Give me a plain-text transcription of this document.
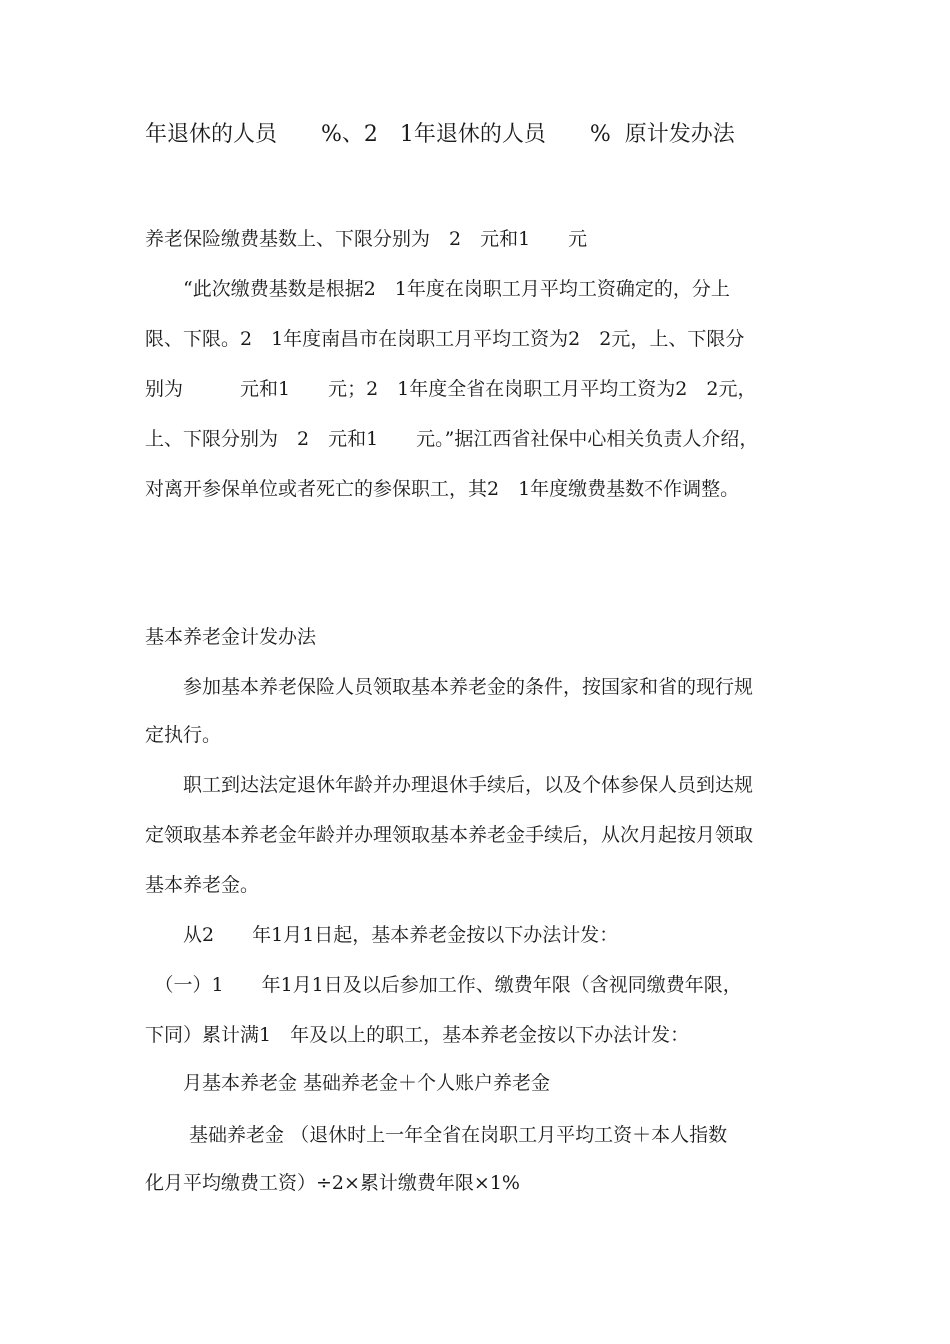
年退休的人员　　%、2　1年退休的人员　　%  原计发办法
养老保险缴费基数上、下限分别为　2　元和1　　元
　　“此次缴费基数是根据2　1年度在岗职工月平均工资确定的，分上
限、下限。2　1年度南昌市在岗职工月平均工资为2　2元，上、下限分
别为　　　元和1　　元；2　1年度全省在岗职工月平均工资为2　2元，
上、下限分别为　2　元和1　　元。”据江西省社保中心相关负责人介绍，
对离开参保单位或者死亡的参保职工，其2　1年度缴费基数不作调整。
基本养老金计发办法
　　参加基本养老保险人员领取基本养老金的条件，按国家和省的现行规
定执行。
　　职工到达法定退休年龄并办理退休手续后，以及个体参保人员到达规
定领取基本养老金年龄并办理领取基本养老金手续后，从次月起按月领取
基本养老金。
　　从2　　年1月1日起，基本养老金按以下办法计发：
　（一）1　　年1月1日及以后参加工作、缴费年限（含视同缴费年限，
下同）累计满1　年及以上的职工，基本养老金按以下办法计发：
　　月基本养老金 基础养老金＋个人账户养老金
　　 基础养老金 （退休时上一年全省在岗职工月平均工资＋本人指数
化月平均缴费工资）÷2×累计缴费年限×1%
